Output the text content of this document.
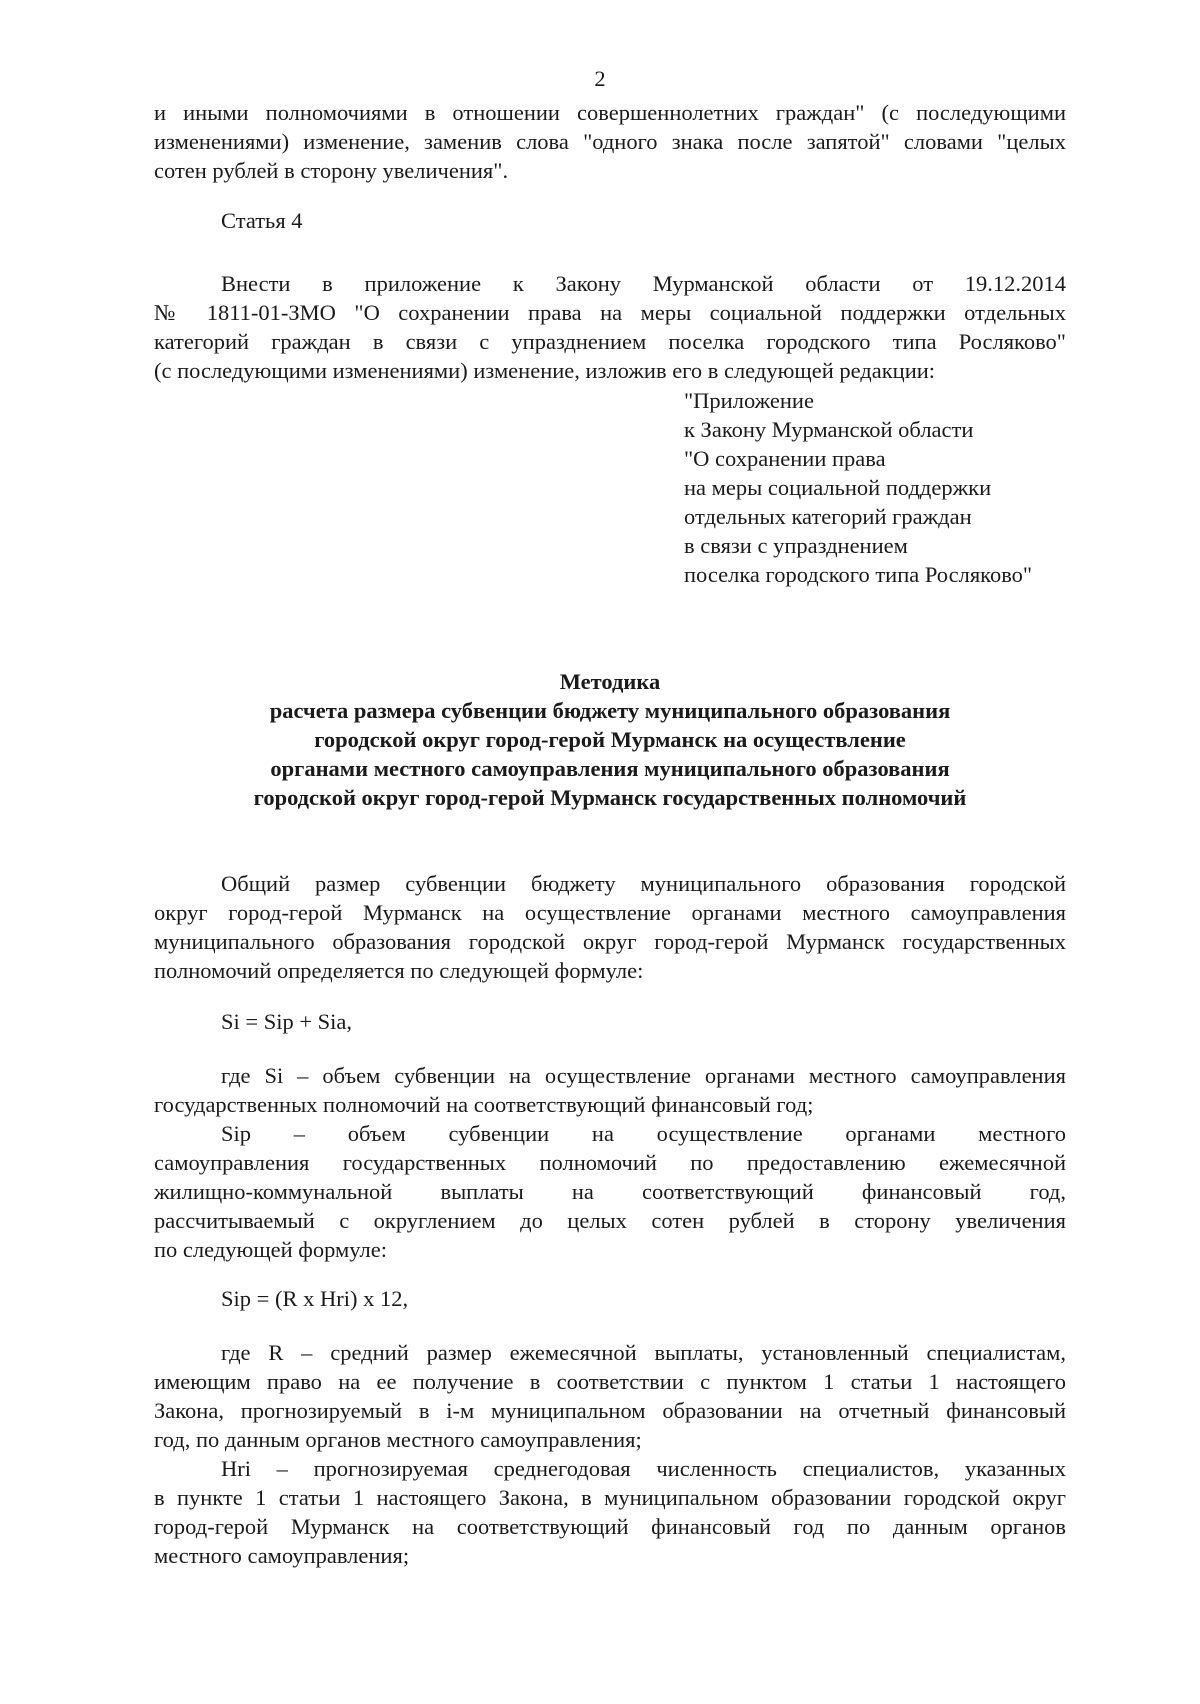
2
и иными полномочиями в отношении совершеннолетних граждан" (с последующими
изменениями) изменение, заменив слова "одного знака после запятой" словами "целых
сотен рублей в сторону увеличения".
Статья 4
Внести в приложение к Закону Мурманской области от 19.12.2014
№ 1811-01-ЗМО "О сохранении права на меры социальной поддержки отдельных
категорий граждан в связи с упразднением поселка городского типа Росляково"
(с последующими изменениями) изменение, изложив его в следующей редакции:
"Приложение
к Закону Мурманской области
"О сохранении права
на меры социальной поддержки
отдельных категорий граждан
в связи с упразднением
поселка городского типа Росляково"
Методика
расчета размера субвенции бюджету муниципального образования
городской округ город-герой Мурманск на осуществление
органами местного самоуправления муниципального образования
городской округ город-герой Мурманск государственных полномочий
Общий размер субвенции бюджету муниципального образования городской
округ город-герой Мурманск на осуществление органами местного самоуправления
муниципального образования городской округ город-герой Мурманск государственных
полномочий определяется по следующей формуле:
Si = Sip + Sia,
где Si – объем субвенции на осуществление органами местного самоуправления
государственных полномочий на соответствующий финансовый год;
Sip – объем субвенции на осуществление органами местного
самоуправления государственных полномочий по предоставлению ежемесячной
жилищно-коммунальной выплаты на соответствующий финансовый год,
рассчитываемый с округлением до целых сотен рублей в сторону увеличения
по следующей формуле:
Sip = (R x Hri) x 12,
где R – средний размер ежемесячной выплаты, установленный специалистам,
имеющим право на ее получение в соответствии с пунктом 1 статьи 1 настоящего
Закона, прогнозируемый в i-м муниципальном образовании на отчетный финансовый
год, по данным органов местного самоуправления;
Hri – прогнозируемая среднегодовая численность специалистов, указанных
в пункте 1 статьи 1 настоящего Закона, в муниципальном образовании городской округ
город-герой Мурманск на соответствующий финансовый год по данным органов
местного самоуправления;
